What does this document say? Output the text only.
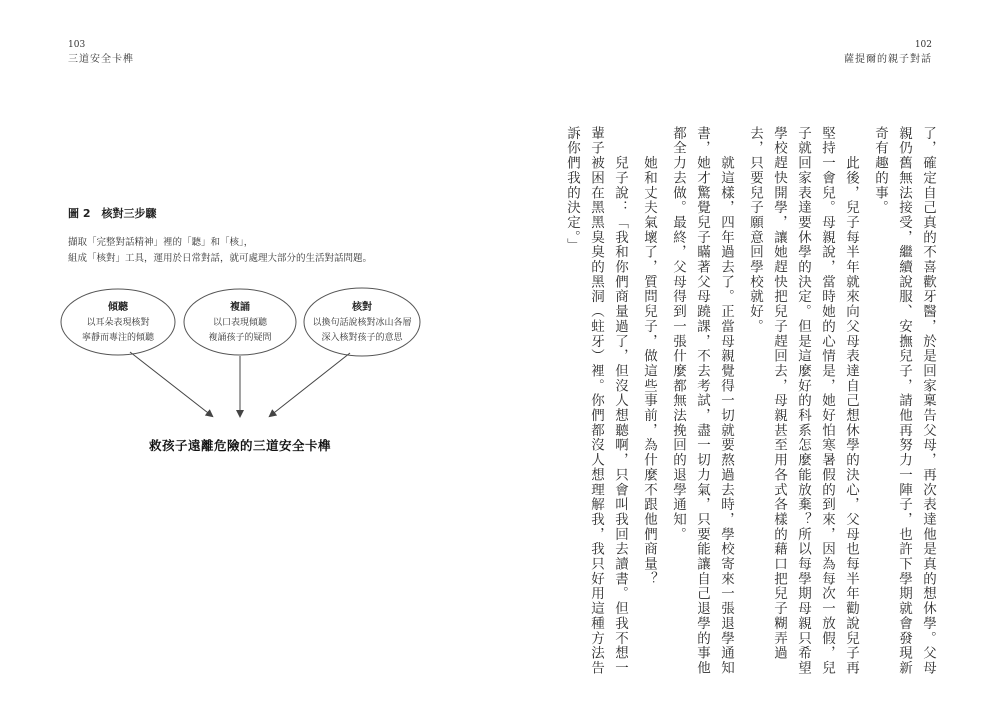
103
三道安全卡榫
圖 2　核對三步驟
擷取「完整對話精神」裡的「聽」和「核」，
組成「核對」工具，運用於日常對話，就可處理大部分的生活對話問題。
傾聽
以耳朵表現核對
寧靜而專注的傾聽
複誦
以口表現傾聽
複誦孩子的疑問
核對
以換句話說核對冰山各層
深入核對孩子的意思
救孩子遠離危險的三道安全卡榫
102
薩提爾的親子對話
了，確定自己真的不喜歡牙醫，於是回家稟告父母，再次表達他是真的想休學。父母
親仍舊無法接受，繼續說服、安撫兒子，請他再努力一陣子，也許下學期就會發現新
奇有趣的事。
　　此後，兒子每半年就來向父母表達自己想休學的決心，父母也每半年勸說兒子再
堅持一會兒。母親說，當時她的心情是，她好怕寒暑假的到來，因為每次一放假，兒
子就回家表達要休學的決定。但是這麼好的科系怎麼能放棄？所以每學期母親只希望
學校趕快開學，讓她趕快把兒子趕回去，母親甚至用各式各樣的藉口把兒子糊弄過
去，只要兒子願意回學校就好。
　　就這樣，四年過去了。正當母親覺得一切就要熬過去時，學校寄來一張退學通知
書，她才驚覺兒子瞞著父母蹺課，不去考試，盡一切力氣，只要能讓自己退學的事他
都全力去做。最終，父母得到一張什麼都無法挽回的退學通知。
　　她和丈夫氣壞了，質問兒子，做這些事前，為什麼不跟他們商量？
　　兒子說：「我和你們商量過了，但沒人想聽啊，只會叫我回去讀書。但我不想一
輩子被困在黑黑臭臭的黑洞（蛀牙）裡。你們都沒人想理解我，我只好用這種方法告
訴你們我的決定。」
